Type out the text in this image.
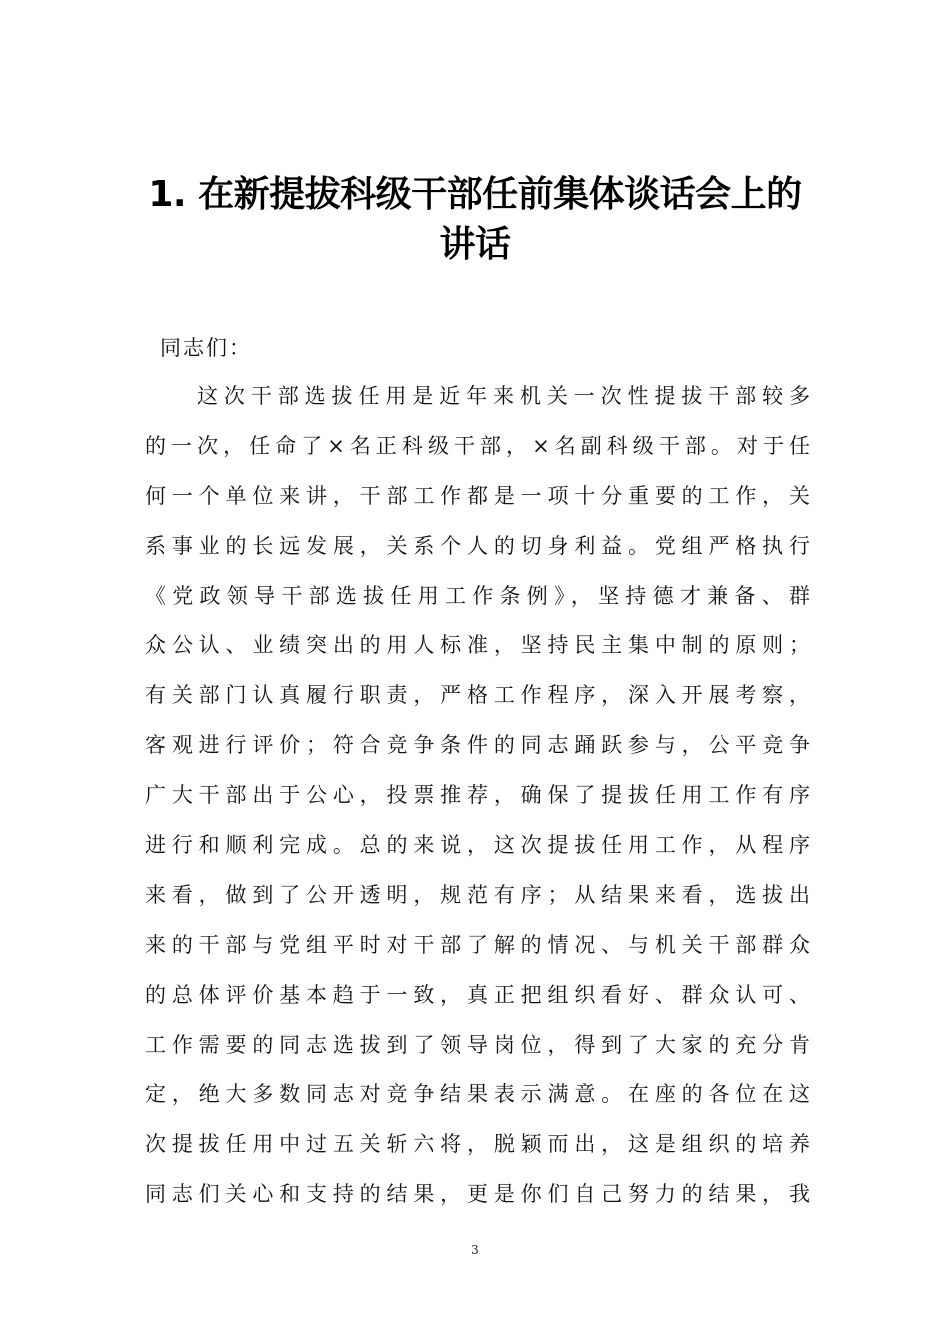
1. 在新提拔科级干部任前集体谈话会上的
讲话
同志们：
这次干部选拔任用是近年来机关一次性提拔干部较多
的一次，任命了×名正科级干部，×名副科级干部。对于任
何一个单位来讲，干部工作都是一项十分重要的工作，关
系事业的长远发展，关系个人的切身利益。党组严格执行
《党政领导干部选拔任用工作条例》，坚持德才兼备、群
众公认、业绩突出的用人标准，坚持民主集中制的原则；
有关部门认真履行职责，严格工作程序，深入开展考察，
客观进行评价；符合竞争条件的同志踊跃参与，公平竞争
广大干部出于公心，投票推荐，确保了提拔任用工作有序
进行和顺利完成。总的来说，这次提拔任用工作，从程序
来看，做到了公开透明，规范有序；从结果来看，选拔出
来的干部与党组平时对干部了解的情况、与机关干部群众
的总体评价基本趋于一致，真正把组织看好、群众认可、
工作需要的同志选拔到了领导岗位，得到了大家的充分肯
定，绝大多数同志对竞争结果表示满意。在座的各位在这
次提拔任用中过五关斩六将，脱颖而出，这是组织的培养
同志们关心和支持的结果，更是你们自己努力的结果，我
3
